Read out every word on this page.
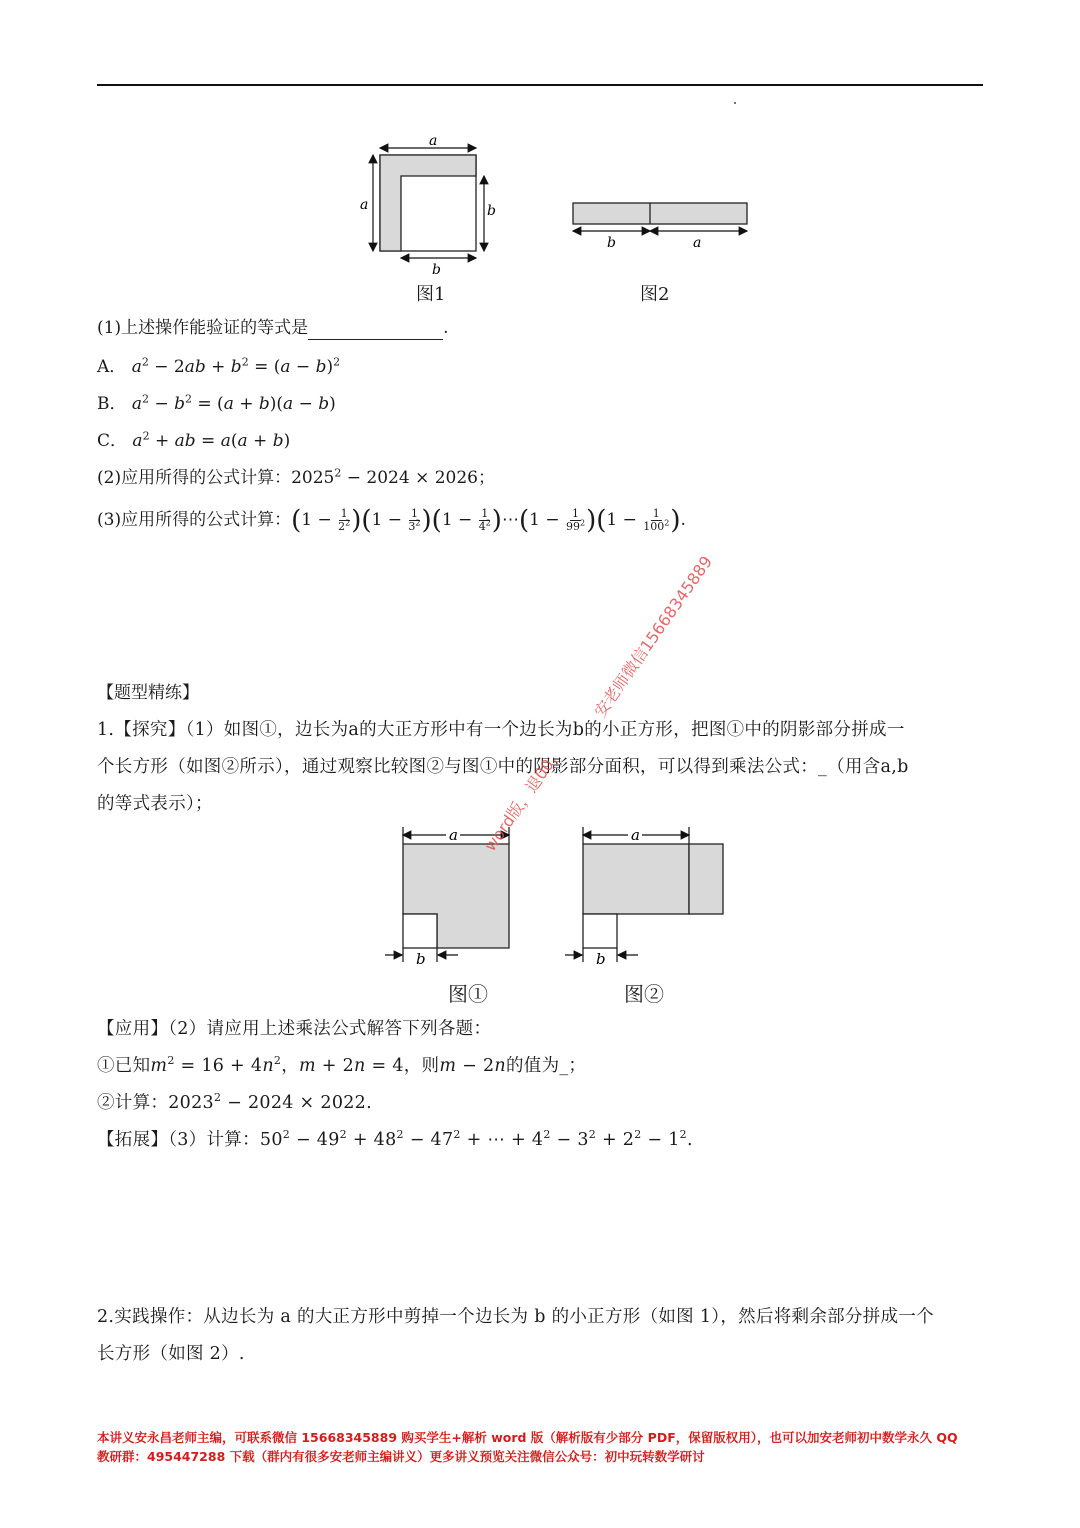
a
a	b
b
图1
b	a
图2
(1)上述操作能验证的等式是	.
A． $a^2 - 2ab + b^2 = (a - b)^2$
B． $a^2 - b^2 = (a + b)(a - b)$
C． $a^2$ + ab = a(a + b)
(2)应用所得的公式计算：$2025^2 - 2024 \times 2026$；
(3)应用所得的公式计算：$(1 - \frac{1}{2^2} )(1 - \frac{1}{3^2} )(1 - \frac{1}{4^2}$ )⋯(1 − $\frac{1}{99^2} )(1 - \frac{1}{100^2}$ ).
【题型精练】
1.【探究】（1）如图①，边长为a的大正方形中有一个边长为b的小正方形，把图①中的阴影部分拼成一
个长方形（如图②所示），通过观察比较图②与图①中的阴影部分面积，可以得到乘法公式：_（用含a,b
的等式表示）；
a
b
图①
a
b
图②
【应用】（2）请应用上述乘法公式解答下列各题：
①已知$m^2 = 16 + 4n^2$，m + 2n = 4，则m − 2n的值为_；
②计算：$2023^2 - 2024 \times 2022$.
【拓展】（3）计算：$50^2 - 49^2 + 48^2 - 47^2$ + ⋯ + $4^2 - 3^2 + 2^2 - 1^2$.
2.实践操作：从边长为 a 的大正方形中剪掉一个边长为 b 的小正方形（如图 1），然后将剩余部分拼成一个
长方形（如图 2）.
安老师微信15668345889
word版，退00，
本讲义安永昌老师主编，可联系微信 15668345889 购买学生+解析 word 版（解析版有少部分 PDF，保留版权用），也可以加安老师初中数学永久 QQ
教研群：495447288 下载（群内有很多安老师主编讲义）更多讲义预览关注微信公众号：初中玩转数学研讨
